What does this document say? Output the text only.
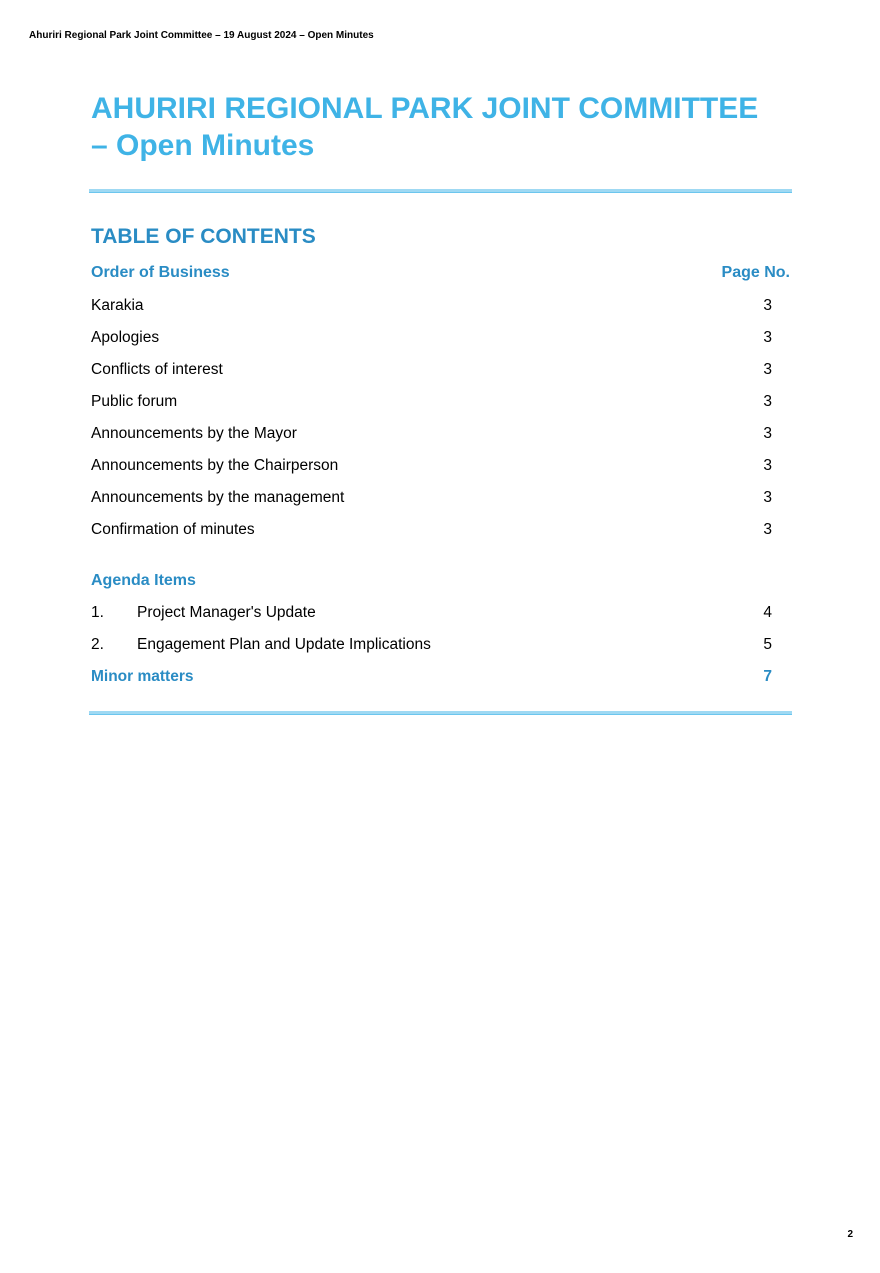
Ahuriri Regional Park Joint Committee – 19 August 2024 – Open Minutes
AHURIRI REGIONAL PARK JOINT COMMITTEE
– Open Minutes
TABLE OF CONTENTS
Order of Business	Page No.
Karakia	3
Apologies	3
Conflicts of interest	3
Public forum	3
Announcements by the Mayor	3
Announcements by the Chairperson	3
Announcements by the management	3
Confirmation of minutes	3
Agenda Items
1.	Project Manager's Update	4
2.	Engagement Plan and Update Implications	5
Minor matters	7
2
